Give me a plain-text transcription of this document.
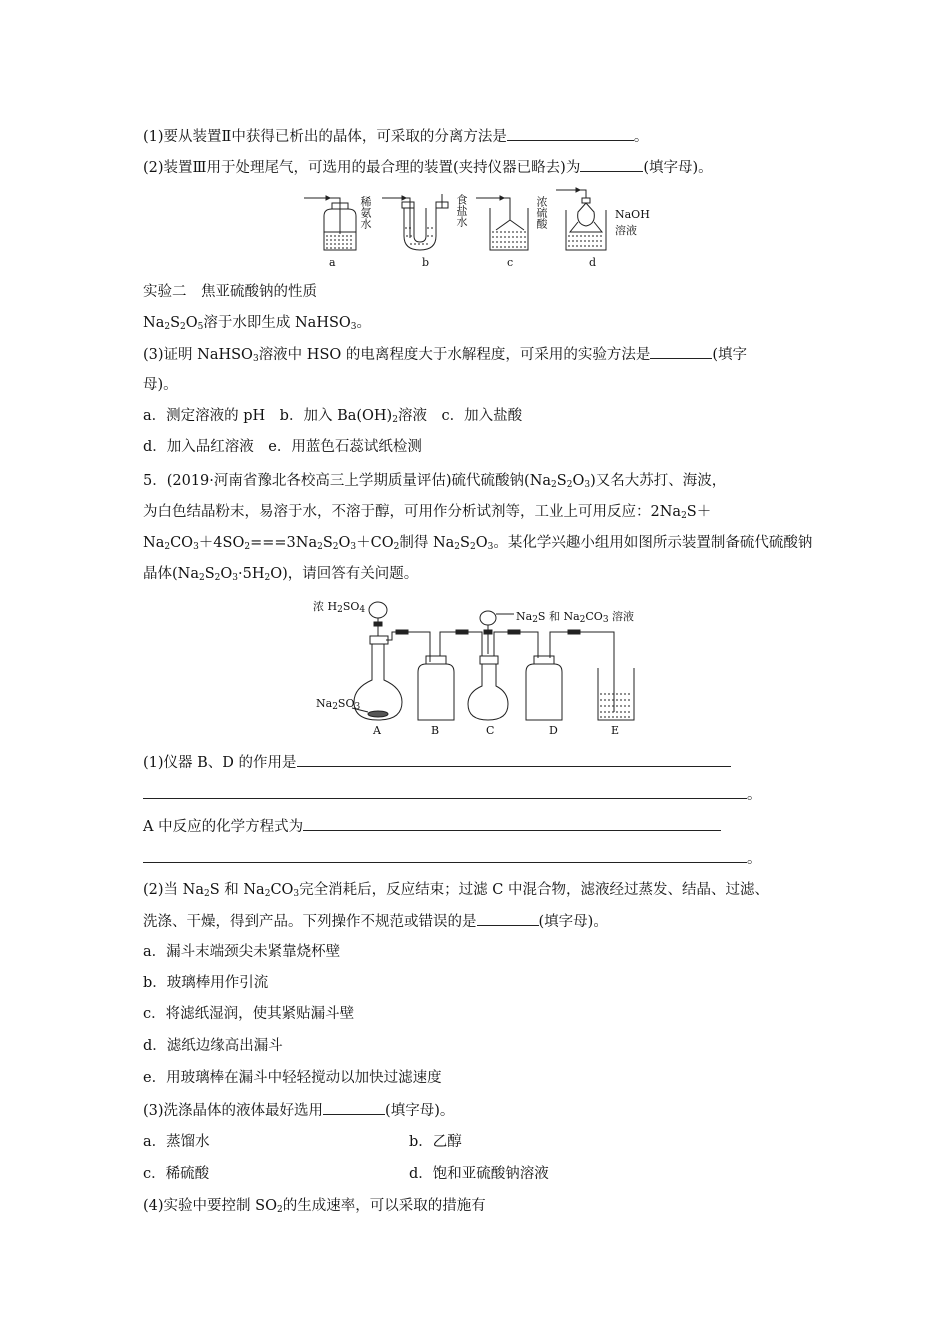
(1)要从装置Ⅱ中获得已析出的晶体，可采取的分离方法是	。
(2)装置Ⅲ用于处理尾气，可选用的最合理的装置(夹持仪器已略去)为	(填字母)。
稀氨水
a
食盐水
b
浓硫酸
c
NaOH
溶液
d
实验二　焦亚硫酸钠的性质
$Na_2S_2O_5$溶于水即生成 NaHSO$_3$。
(3)证明 NaHSO$_3$溶液中 HSO 的电离程度大于水解程度，可采用的实验方法是	(填字
母)。
a．测定溶液的 pH　b．加入 $Ba(OH)_2$溶液　c．加入盐酸
d．加入品红溶液　e．用蓝色石蕊试纸检测
5．(2019·河南省豫北各校高三上学期质量评估)硫代硫酸钠$(Na_2S_2O_3)$又名大苏打、海波，
为白色结晶粉末，易溶于水，不溶于醇，可用作分析试剂等，工业上可用反应：$2Na_2S+$
$Na_2CO_3+4SO_2===3Na_2S_2O_3+CO_2$制得 $Na_2S_2O_3$。某化学兴趣小组用如图所示装置制备硫代硫酸钠
晶体$(Na_2S_2O_3\cdot 5H_2O)$，请回答有关问题。
浓 $H_2SO_4$	$Na_2S$ 和 $Na_2CO_3$ 溶液
$Na_2SO_3$
A	B	C	D	E
(1)仪器 B、D 的作用是
。
A 中反应的化学方程式为
。
(2)当 $Na_2S$ 和 $Na_2CO_3$完全消耗后，反应结束；过滤 C 中混合物，滤液经过蒸发、结晶、过滤、
洗涤、干燥，得到产品。下列操作不规范或错误的是	(填字母)。
a．漏斗末端颈尖未紧靠烧杯壁
b．玻璃棒用作引流
c．将滤纸湿润，使其紧贴漏斗壁
d．滤纸边缘高出漏斗
e．用玻璃棒在漏斗中轻轻搅动以加快过滤速度
(3)洗涤晶体的液体最好选用	(填字母)。
a．蒸馏水	b．乙醇
c．稀硫酸	d．饱和亚硫酸钠溶液
(4)实验中要控制 $SO_2$的生成速率，可以采取的措施有
